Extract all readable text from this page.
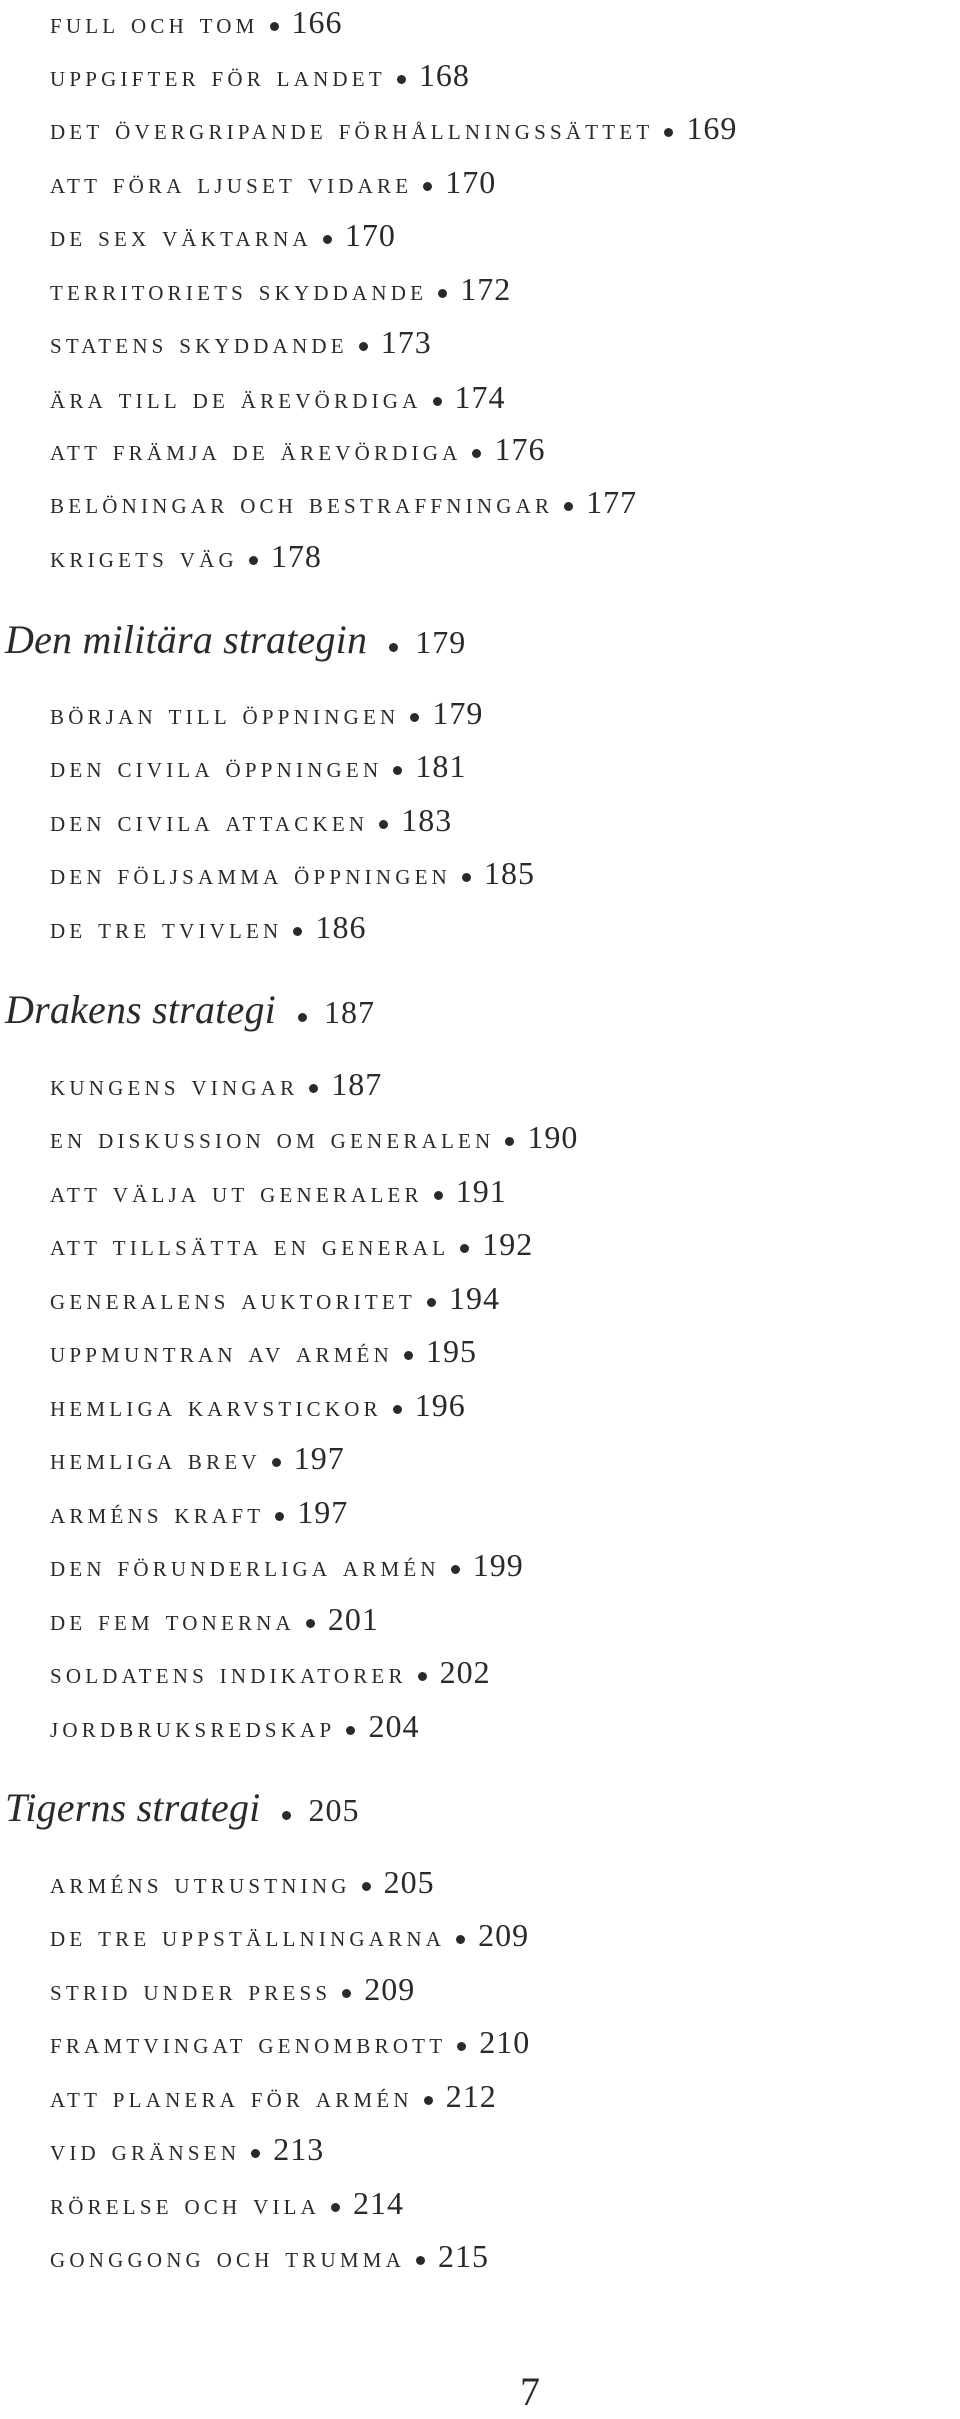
full och tom 166
uppgifter för landet 168
det övergripande förhållningssättet 169
att föra ljuset vidare 170
de sex väktarna 170
territoriets skyddande 172
statens skyddande 173
ära till de ärevördiga 174
att främja de ärevördiga 176
belöningar och bestraffningar 177
krigets väg 178
Den militära strategin 179
början till öppningen 179
den civila öppningen 181
den civila attacken 183
den följsamma öppningen 185
de tre tvivlen 186
Drakens strategi 187
kungens vingar 187
en diskussion om generalen 190
att välja ut generaler 191
att tillsätta en general 192
generalens auktoritet 194
uppmuntran av armén 195
hemliga karvstickor 196
hemliga brev 197
arméns kraft 197
den förunderliga armén 199
de fem tonerna 201
soldatens indikatorer 202
jordbruksredskap 204
Tigerns strategi 205
arméns utrustning 205
de tre uppställningarna 209
strid under press 209
framtvingat genombrott 210
att planera för armén 212
vid gränsen 213
rörelse och vila 214
gonggong och trumma 215
7
